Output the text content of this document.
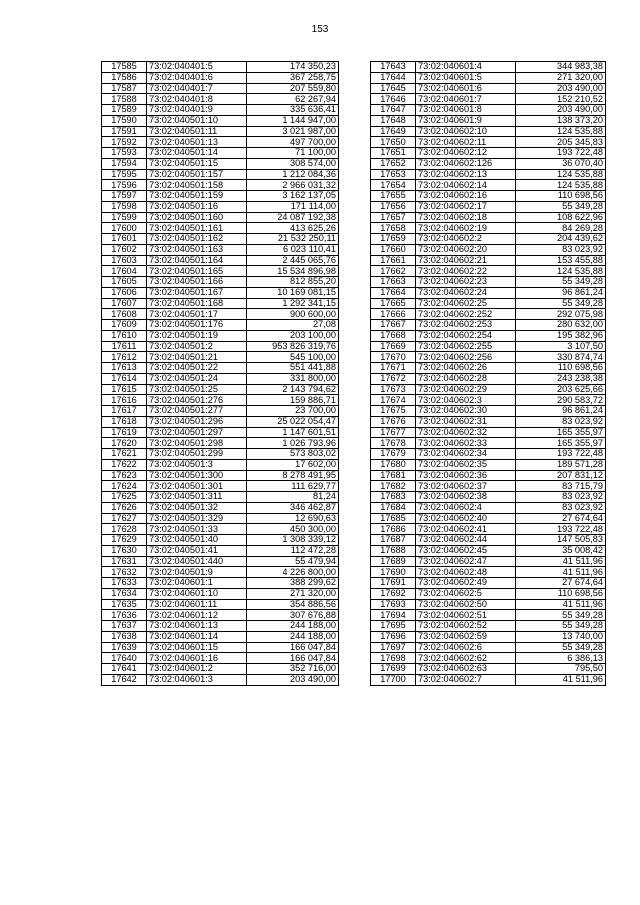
153
17585	73:02:040401:5	174 350,23
17586	73:02:040401:6	367 258,75
17587	73:02:040401:7	207 559,80
17588	73:02:040401:8	62 267,94
17589	73:02:040401:9	335 636,41
17590	73:02:040501:10	1 144 947,00
17591	73:02:040501:11	3 021 987,00
17592	73:02:040501:13	497 700,00
17593	73:02:040501:14	71 100,00
17594	73:02:040501:15	308 574,00
17595	73:02:040501:157	1 212 084,36
17596	73:02:040501:158	2 966 031,32
17597	73:02:040501:159	3 162 137,05
17598	73:02:040501:16	171 114,00
17599	73:02:040501:160	24 087 192,38
17600	73:02:040501:161	413 625,26
17601	73:02:040501:162	21 532 250,11
17602	73:02:040501:163	6 023 110,41
17603	73:02:040501:164	2 445 065,76
17604	73:02:040501:165	15 534 896,98
17605	73:02:040501:166	812 855,20
17606	73:02:040501:167	10 169 081,15
17607	73:02:040501:168	1 292 341,15
17608	73:02:040501:17	900 600,00
17609	73:02:040501:176	27,08
17610	73:02:040501:19	203 100,00
17611	73:02:040501:2	953 826 319,76
17612	73:02:040501:21	545 100,00
17613	73:02:040501:22	551 441,88
17614	73:02:040501:24	331 800,00
17615	73:02:040501:25	2 143 794,62
17616	73:02:040501:276	159 886,71
17617	73:02:040501:277	23 700,00
17618	73:02:040501:296	25 022 054,47
17619	73:02:040501:297	1 147 601,51
17620	73:02:040501:298	1 026 793,96
17621	73:02:040501:299	573 803,02
17622	73:02:040501:3	17 602,00
17623	73:02:040501:300	8 278 491,95
17624	73:02:040501:301	111 629,77
17625	73:02:040501:311	81,24
17626	73:02:040501:32	346 462,87
17627	73:02:040501:329	12 690,63
17628	73:02:040501:33	450 300,00
17629	73:02:040501:40	1 308 339,12
17630	73:02:040501:41	112 472,28
17631	73:02:040501:440	55 479,94
17632	73:02:040501:9	4 226 800,00
17633	73:02:040601:1	388 299,62
17634	73:02:040601:10	271 320,00
17635	73:02:040601:11	354 886,56
17636	73:02:040601:12	307 676,88
17637	73:02:040601:13	244 188,00
17638	73:02:040601:14	244 188,00
17639	73:02:040601:15	166 047,84
17640	73:02:040601:16	166 047,84
17641	73:02:040601:2	352 716,00
17642	73:02:040601:3	203 490,00
17643	73:02:040601:4	344 983,38
17644	73:02:040601:5	271 320,00
17645	73:02:040601:6	203 490,00
17646	73:02:040601:7	152 210,52
17647	73:02:040601:8	203 490,00
17648	73:02:040601:9	138 373,20
17649	73:02:040602:10	124 535,88
17650	73:02:040602:11	205 345,83
17651	73:02:040602:12	193 722,48
17652	73:02:040602:126	36 070,40
17653	73:02:040602:13	124 535,88
17654	73:02:040602:14	124 535,88
17655	73:02:040602:16	110 698,56
17656	73:02:040602:17	55 349,28
17657	73:02:040602:18	108 622,96
17658	73:02:040602:19	84 269,28
17659	73:02:040602:2	204 439,62
17660	73:02:040602:20	83 023,92
17661	73:02:040602:21	153 455,88
17662	73:02:040602:22	124 535,88
17663	73:02:040602:23	55 349,28
17664	73:02:040602:24	96 861,24
17665	73:02:040602:25	55 349,28
17666	73:02:040602:252	292 075,98
17667	73:02:040602:253	280 632,00
17668	73:02:040602:254	195 382,96
17669	73:02:040602:255	3 107,50
17670	73:02:040602:256	330 874,74
17671	73:02:040602:26	110 698,56
17672	73:02:040602:28	243 238,38
17673	73:02:040602:29	203 625,66
17674	73:02:040602:3	290 583,72
17675	73:02:040602:30	96 861,24
17676	73:02:040602:31	83 023,92
17677	73:02:040602:32	165 355,97
17678	73:02:040602:33	165 355,97
17679	73:02:040602:34	193 722,48
17680	73:02:040602:35	189 571,28
17681	73:02:040602:36	207 831,12
17682	73:02:040602:37	83 715,79
17683	73:02:040602:38	83 023,92
17684	73:02:040602:4	83 023,92
17685	73:02:040602:40	27 674,64
17686	73:02:040602:41	193 722,48
17687	73:02:040602:44	147 505,83
17688	73:02:040602:45	35 008,42
17689	73:02:040602:47	41 511,96
17690	73:02:040602:48	41 511,96
17691	73:02:040602:49	27 674,64
17692	73:02:040602:5	110 698,56
17693	73:02:040602:50	41 511,96
17694	73:02:040602:51	55 349,28
17695	73:02:040602:52	55 349,28
17696	73:02:040602:59	13 740,00
17697	73:02:040602:6	55 349,28
17698	73:02:040602:62	6 386,13
17699	73:02:040602:63	795,50
17700	73:02:040602:7	41 511,96
